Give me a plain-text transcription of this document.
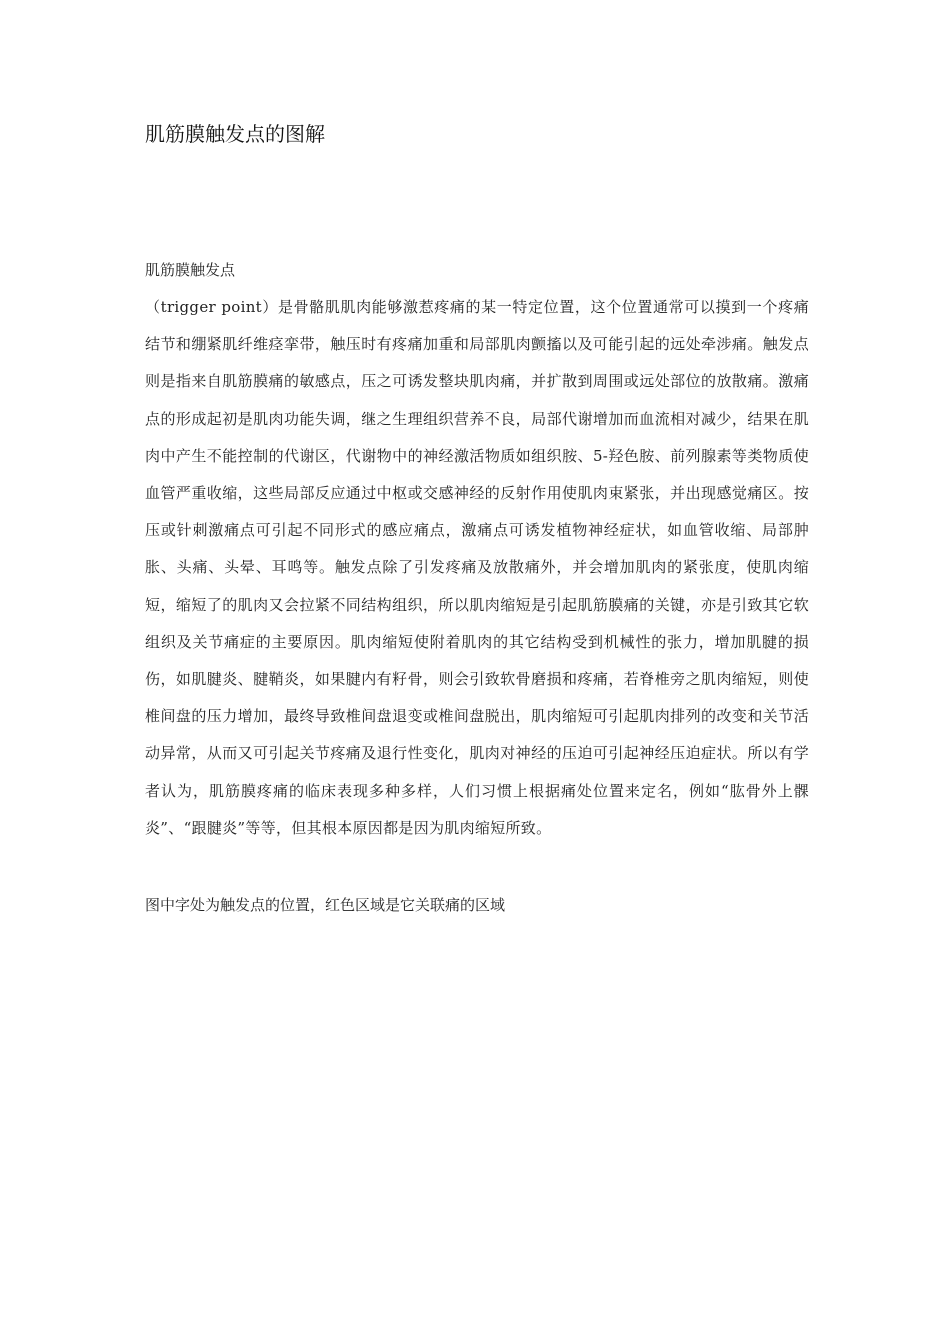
肌筋膜触发点的图解
肌筋膜触发点
（trigger point）是骨骼肌肌肉能够激惹疼痛的某一特定位置，这个位置通常可以摸到一个疼痛结节和绷紧肌纤维痉挛带，触压时有疼痛加重和局部肌肉颤搐以及可能引起的远处牵涉痛。触发点则是指来自肌筋膜痛的敏感点，压之可诱发整块肌肉痛，并扩散到周围或远处部位的放散痛。激痛点的形成起初是肌肉功能失调，继之生理组织营养不良，局部代谢增加而血流相对减少，结果在肌肉中产生不能控制的代谢区，代谢物中的神经激活物质如组织胺、5-羟色胺、前列腺素等类物质使血管严重收缩，这些局部反应通过中枢或交感神经的反射作用使肌肉束紧张，并出现感觉痛区。按压或针刺激痛点可引起不同形式的感应痛点，激痛点可诱发植物神经症状，如血管收缩、局部肿胀、头痛、头晕、耳鸣等。触发点除了引发疼痛及放散痛外，并会增加肌肉的紧张度，使肌肉缩短，缩短了的肌肉又会拉紧不同结构组织，所以肌肉缩短是引起肌筋膜痛的关键，亦是引致其它软组织及关节痛症的主要原因。肌肉缩短使附着肌肉的其它结构受到机械性的张力，增加肌腱的损伤，如肌腱炎、腱鞘炎，如果腱内有籽骨，则会引致软骨磨损和疼痛，若脊椎旁之肌肉缩短，则使椎间盘的压力增加，最终导致椎间盘退变或椎间盘脱出，肌肉缩短可引起肌肉排列的改变和关节活动异常，从而又可引起关节疼痛及退行性变化，肌肉对神经的压迫可引起神经压迫症状。所以有学者认为，肌筋膜疼痛的临床表现多种多样，人们习惯上根据痛处位置来定名，例如“肱骨外上髁炎”、“跟腱炎”等等，但其根本原因都是因为肌肉缩短所致。
图中字处为触发点的位置，红色区域是它关联痛的区域
